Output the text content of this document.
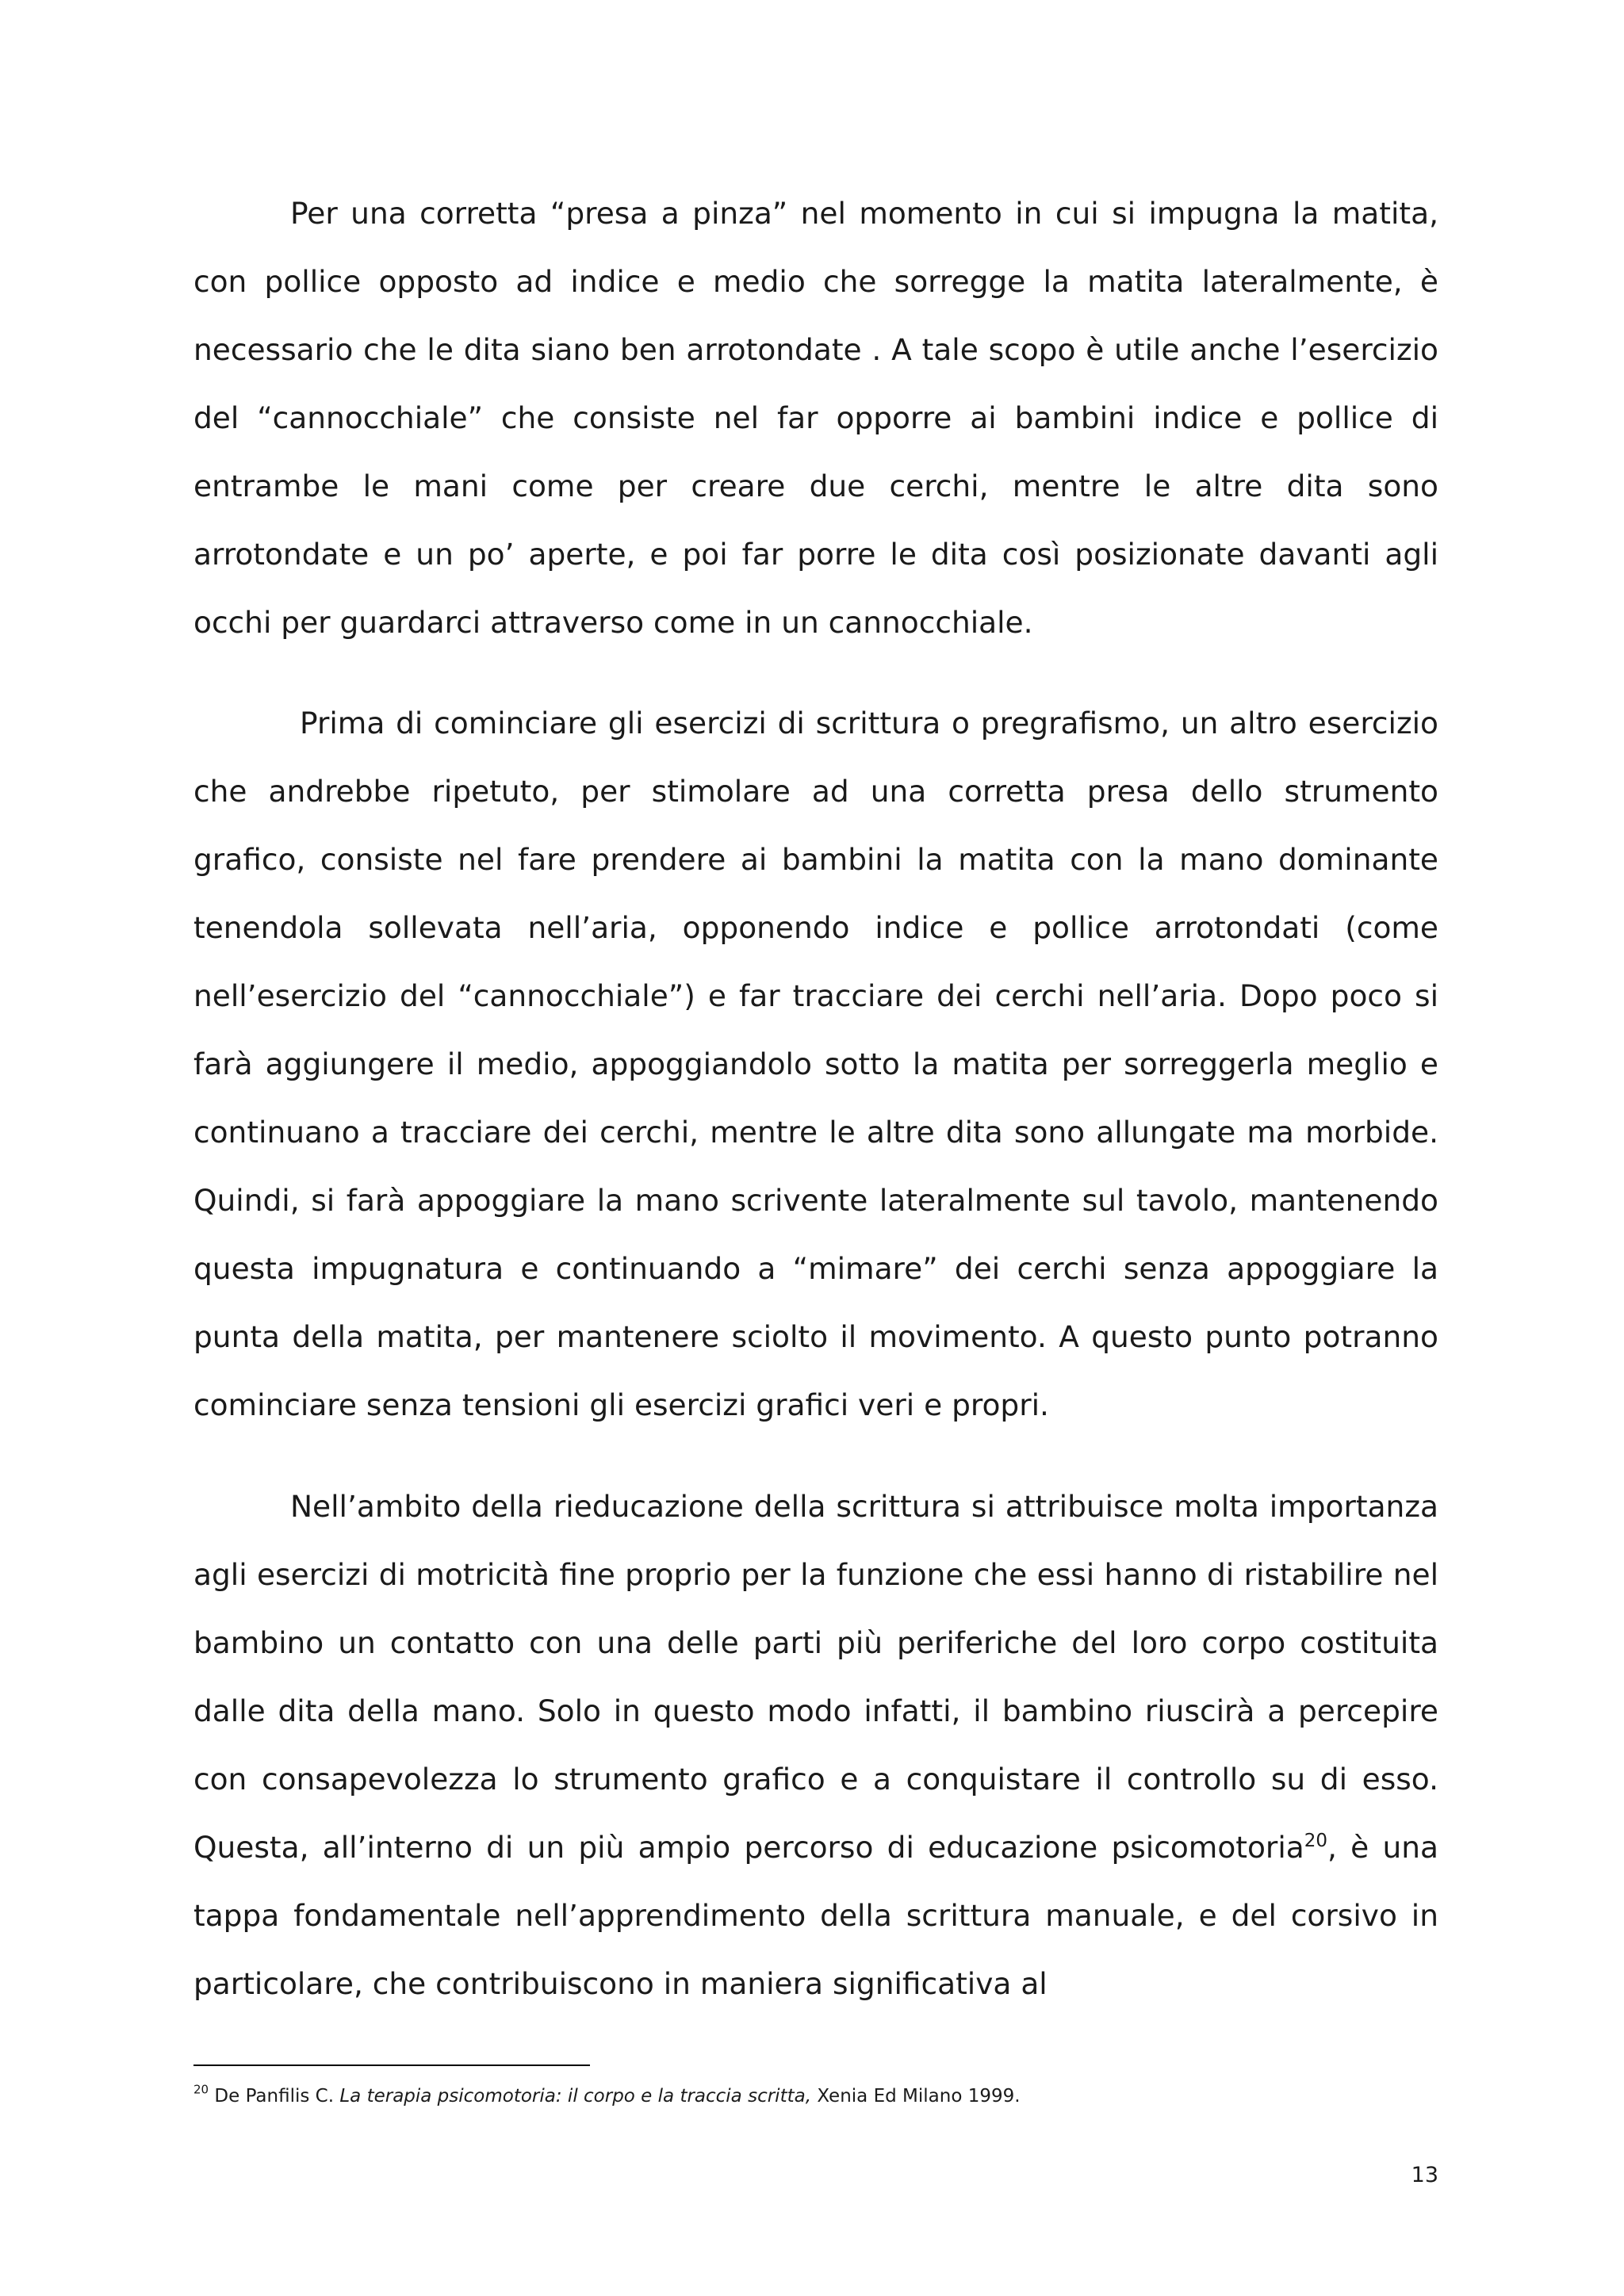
Per una corretta “presa a pinza” nel momento in cui si impugna la matita, con pollice opposto ad indice e medio che sorregge la matita lateralmente, è necessario che le dita siano ben arrotondate . A tale scopo è utile anche l’esercizio del “cannocchiale” che consiste nel far opporre ai bambini indice e pollice di entrambe le mani come per creare due cerchi, mentre le altre dita sono arrotondate e un po’ aperte, e poi far porre le dita così posizionate davanti agli occhi per guardarci attraverso come in un cannocchiale.

Prima di cominciare gli esercizi di scrittura o pregrafismo, un altro esercizio che andrebbe ripetuto, per stimolare ad una corretta presa dello strumento grafico, consiste nel fare prendere ai bambini la matita con la mano dominante tenendola sollevata nell’aria, opponendo indice e pollice arrotondati (come nell’esercizio del “cannocchiale”) e far tracciare dei cerchi nell’aria. Dopo poco si farà aggiungere il medio, appoggiandolo sotto la matita per sorreggerla meglio e continuano a tracciare dei cerchi, mentre le altre dita sono allungate ma morbide. Quindi, si farà appoggiare la mano scrivente lateralmente sul tavolo, mantenendo questa impugnatura e continuando a “mimare” dei cerchi senza appoggiare la punta della matita, per mantenere sciolto il movimento. A questo punto potranno cominciare senza tensioni gli esercizi grafici veri e propri.

Nell’ambito della rieducazione della scrittura si attribuisce molta importanza agli esercizi di motricità fine proprio per la funzione che essi hanno di ristabilire nel bambino un contatto con una delle parti più periferiche del loro corpo costituita dalle dita della mano. Solo in questo modo infatti, il bambino riuscirà a percepire con consapevolezza lo strumento grafico e a conquistare il controllo su di esso. Questa, all’interno di un più ampio percorso di educazione psicomotoria$^{20}$, è una tappa fondamentale nell’apprendimento della scrittura manuale, e del corsivo in particolare, che contribuiscono in maniera significativa al

$^{20}$ De Panfilis C. La terapia psicomotoria: il corpo e la traccia scritta, Xenia Ed Milano 1999.
13
